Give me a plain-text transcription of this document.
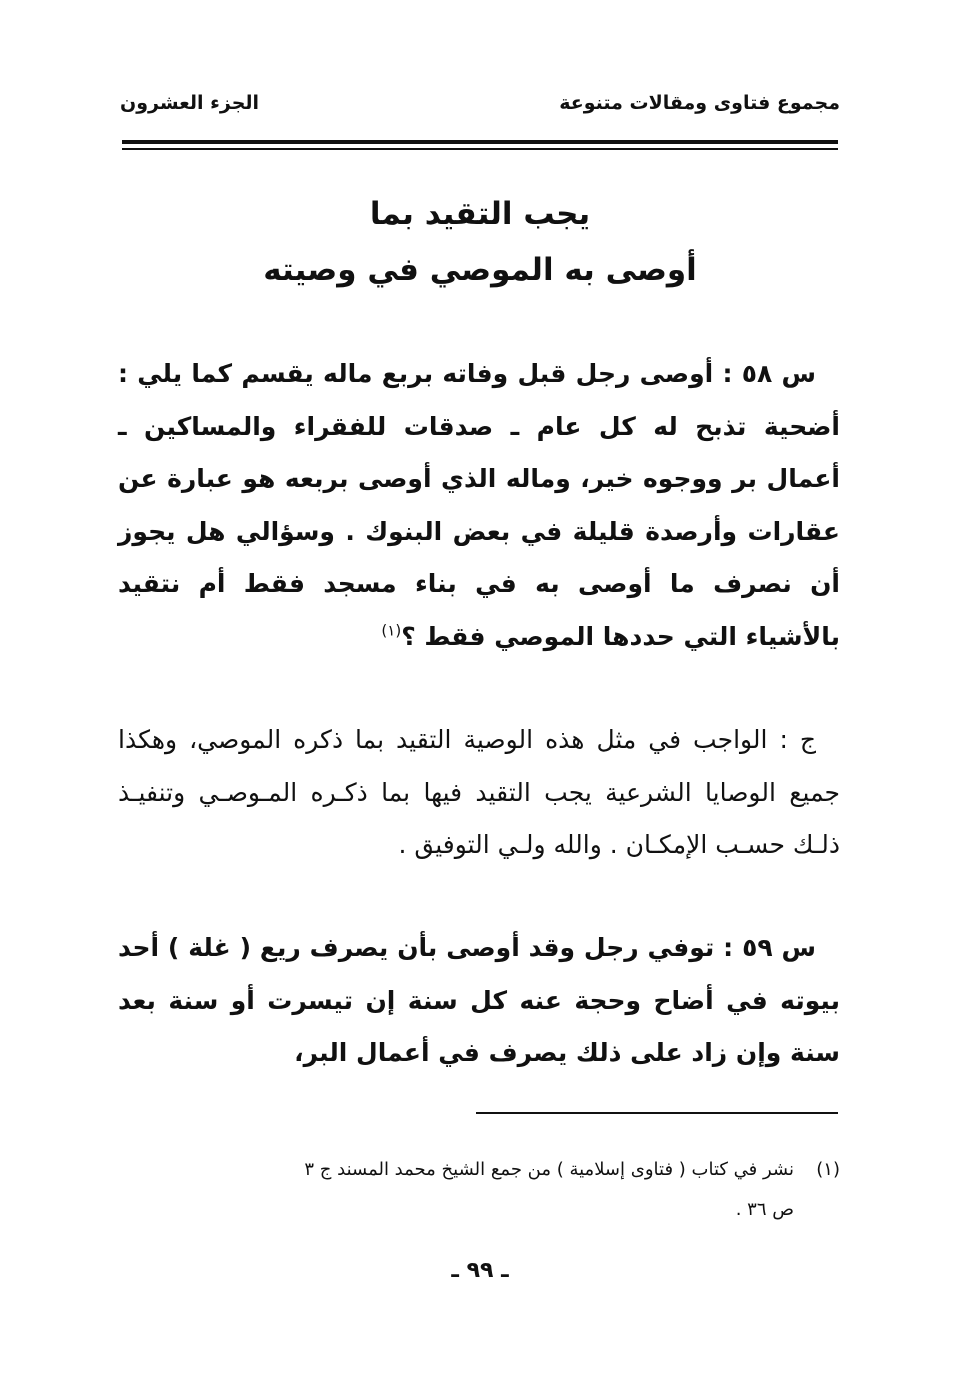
مجموع فتاوى ومقالات متنوعة
الجزء العشرون
يجب التقيد بما
أوصى به الموصي في وصيته

س ٥٨ : أوصى رجل قبل وفاته بربع ماله يقسم كما يلي : أضحية تذبح له كل عام ـ صدقات للفقراء والمساكين ـ أعمال بر ووجوه خير، وماله الذي أوصى بربعه هو عبارة عن عقارات وأرصدة قليلة في بعض البنوك . وسؤالي هل يجوز أن نصرف ما أوصى به في بناء مسجد فقط أم نتقيد بالأشياء التي حددها الموصي فقط ؟$^{(١)}$

ج : الواجب في مثل هذه الوصية التقيد بما ذكره الموصي، وهكذا جميع الوصايا الشرعية يجب التقيد فيها بما ذكـره المـوصـي وتنفيـذ ذلـك حسـب الإمكـان . والله ولـي التوفيق .

س ٥٩ : توفي رجل وقد أوصى بأن يصرف ريع ( غلة ) أحد بيوته في أضاح وحجة عنه كل سنة إن تيسرت أو سنة بعد سنة وإن زاد على ذلك يصرف في أعمال البر،

(١)نشر في كتاب ( فتاوى إسلامية ) من جمع الشيخ محمد المسند ج ٣
ص ٣٦ .
ـ ٩٩ ـ
